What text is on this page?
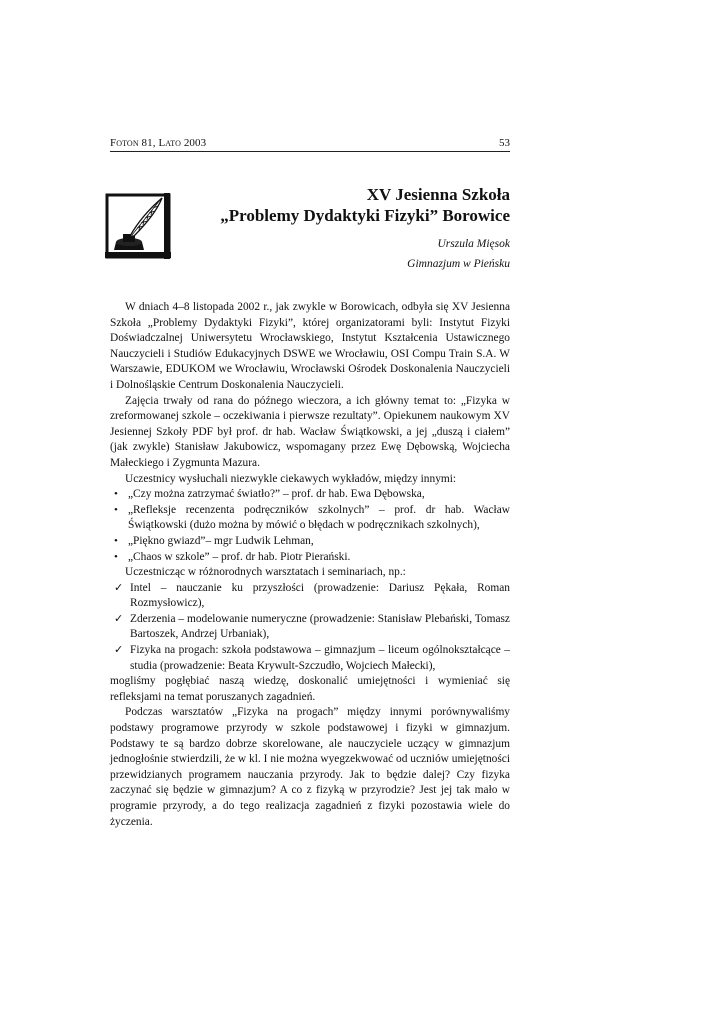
Foton 81, Lato 2003	53
XV Jesienna Szkoła
„Problemy Dydaktyki Fizyki” Borowice
Urszula Mięsok
Gimnazjum w Pieńsku

W dniach 4–8 listopada 2002 r., jak zwykle w Borowicach, odbyła się XV Jesienna Szkoła „Problemy Dydaktyki Fizyki”, której organizatorami byli: Instytut Fizyki Doświadczalnej Uniwersytetu Wrocławskiego, Instytut Kształcenia Ustawicznego Nauczycieli i Studiów Edukacyjnych DSWE we Wrocławiu, OSI Compu Train S.A. W Warszawie, EDUKOM we Wrocławiu, Wrocławski Ośrodek Doskonalenia Nauczycieli i Dolnośląskie Centrum Doskonalenia Nauczycieli.

Zajęcia trwały od rana do późnego wieczora, a ich główny temat to: „Fizyka w zreformowanej szkole – oczekiwania i pierwsze rezultaty”. Opiekunem naukowym XV Jesiennej Szkoły PDF był prof. dr hab. Wacław Świątkowski, a jej „duszą i ciałem” (jak zwykle) Stanisław Jakubowicz, wspomagany przez Ewę Dębowską, Wojciecha Małeckiego i Zygmunta Mazura.

Uczestnicy wysłuchali niezwykle ciekawych wykładów, między innymi:

• „Czy można zatrzymać światło?” – prof. dr hab. Ewa Dębowska,
• „Refleksje recenzenta podręczników szkolnych” – prof. dr hab. Wacław Świątkowski (dużo można by mówić o błędach w podręcznikach szkolnych),
• „Piękno gwiazd”– mgr Ludwik Lehman,
• „Chaos w szkole” – prof. dr hab. Piotr Pierański.

Uczestnicząc w różnorodnych warsztatach i seminariach, np.:

✓ Intel – nauczanie ku przyszłości (prowadzenie: Dariusz Pękała, Roman Rozmysłowicz),
✓ Zderzenia – modelowanie numeryczne (prowadzenie: Stanisław Plebański, Tomasz Bartoszek, Andrzej Urbaniak),
✓ Fizyka na progach: szkoła podstawowa – gimnazjum – liceum ogólnokształcące – studia (prowadzenie: Beata Krywult-Szczudło, Wojciech Małecki),

mogliśmy pogłębiać naszą wiedzę, doskonalić umiejętności i wymieniać się refleksjami na temat poruszanych zagadnień.

Podczas warsztatów „Fizyka na progach” między innymi porównywaliśmy podstawy programowe przyrody w szkole podstawowej i fizyki w gimnazjum. Podstawy te są bardzo dobrze skorelowane, ale nauczyciele uczący w gimnazjum jednogłośnie stwierdzili, że w kl. I nie można wyegzekwować od uczniów umiejętności przewidzianych programem nauczania przyrody. Jak to będzie dalej? Czy fizyka zaczynać się będzie w gimnazjum? A co z fizyką w przyrodzie? Jest jej tak mało w programie przyrody, a do tego realizacja zagadnień z fizyki pozostawia wiele do życzenia.
